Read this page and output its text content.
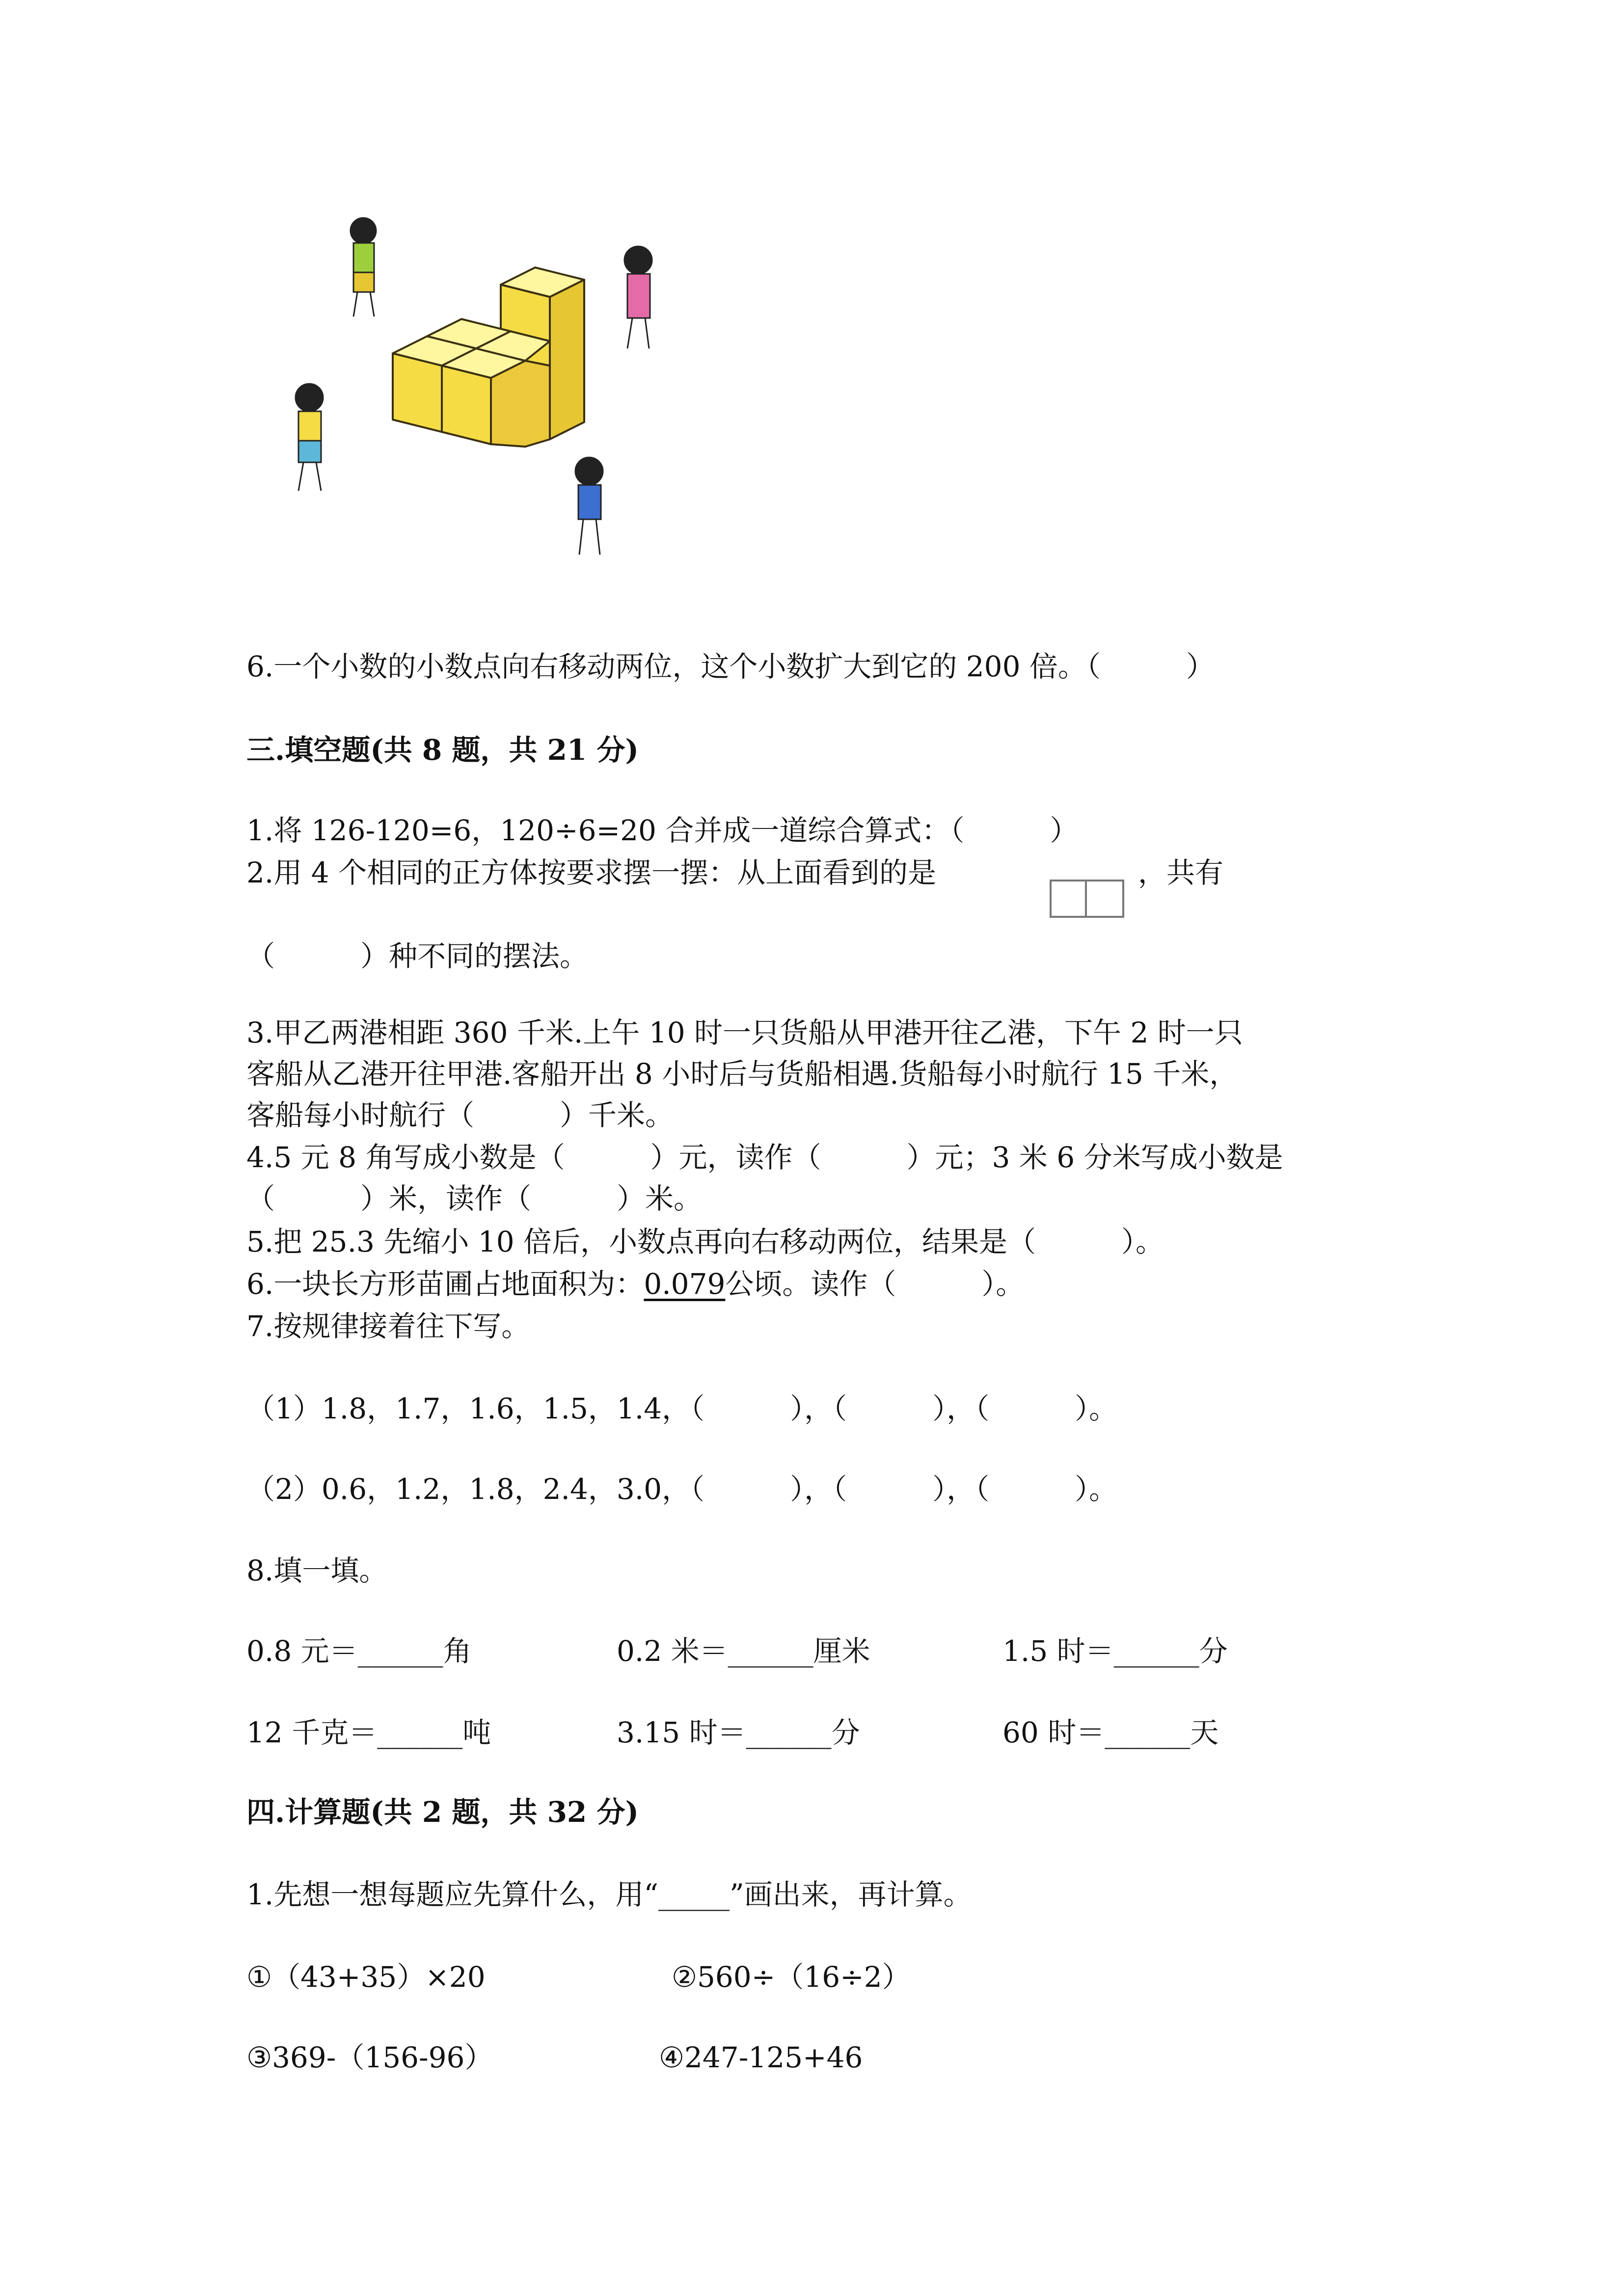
6.一个小数的小数点向右移动两位，这个小数扩大到它的 200 倍。（　　　）
三.填空题(共 8 题，共 21 分)
1.将 126-120=6，120÷6=20 合并成一道综合算式：（　　　）
2.用 4 个相同的正方体按要求摆一摆：从上面看到的是	，共有
（　　　）种不同的摆法。
3.甲乙两港相距 360 千米.上午 10 时一只货船从甲港开往乙港，下午 2 时一只
客船从乙港开往甲港.客船开出 8 小时后与货船相遇.货船每小时航行 15 千米，
客船每小时航行（　　　）千米。
4.5 元 8 角写成小数是（　　　）元，读作（　　　）元；3 米 6 分米写成小数是
（　　　）米，读作（　　　）米。
5.把 25.3 先缩小 10 倍后，小数点再向右移动两位，结果是（　　　）。
6.一块长方形苗圃占地面积为：0.079公顷。读作（　　　）。
7.按规律接着往下写。
（1）1.8，1.7，1.6，1.5，1.4，（　　　），（　　　），（　　　）。
（2）0.6，1.2，1.8，2.4，3.0，（　　　），（　　　），（　　　）。
8.填一填。
0.8 元＝______角	0.2 米＝______厘米	1.5 时＝______分
12 千克＝______吨	3.15 时＝______分	60 时＝______天
四.计算题(共 2 题，共 32 分)
1.先想一想每题应先算什么，用“_____”画出来，再计算。
①（43+35）×20	②560÷（16÷2）
③369-（156-96）	④247-125+46
